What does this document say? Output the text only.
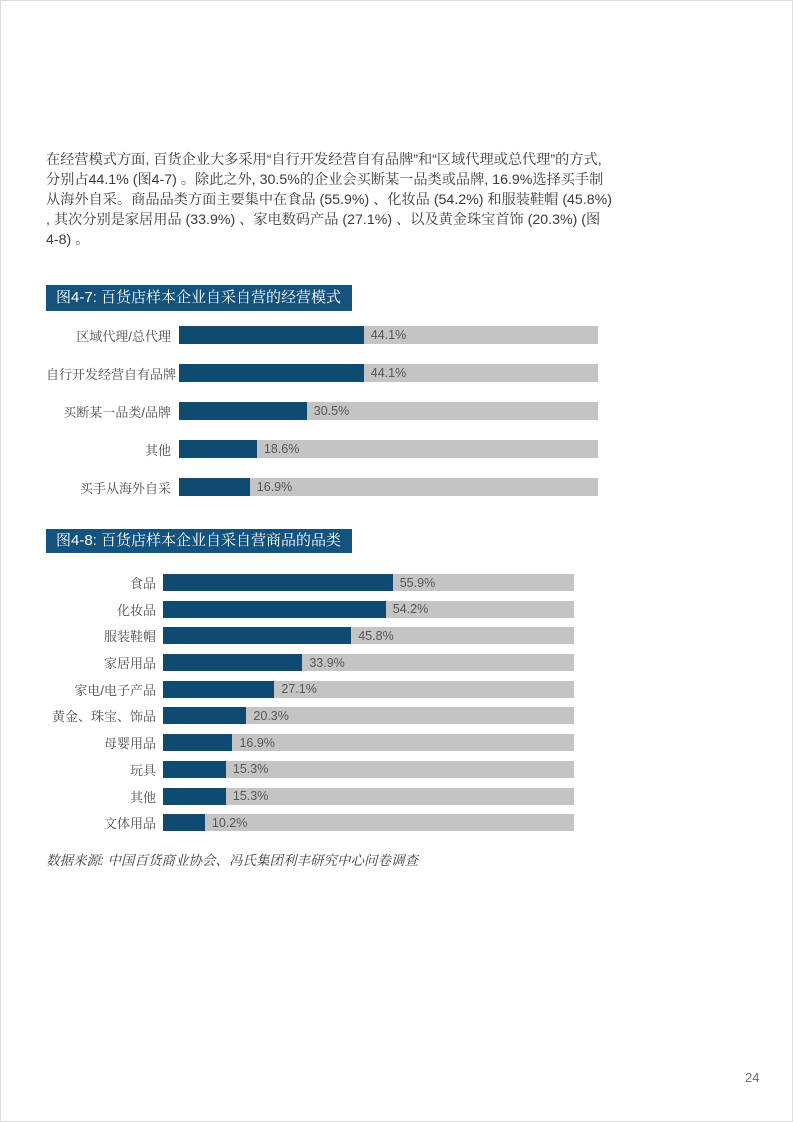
在经营模式方面, 百货企业大多采用“自行开发经营自有品牌”和“区域代理或总代理”的方式, 分别占44.1% (图4-7) 。除此之外, 30.5%的企业会买断某一品类或品牌, 16.9%选择买手制从海外自采。商品品类方面主要集中在食品 (55.9%) 、化妆品 (54.2%) 和服装鞋帽 (45.8%) , 其次分别是家居用品 (33.9%) 、家电数码产品 (27.1%) 、以及黄金珠宝首饰 (20.3%) (图4-8) 。

图4-7: 百货店样本企业自采自营的经营模式
区域代理/总代理	44.1%
自行开发经营自有品牌	44.1%
买断某一品类/品牌	30.5%
其他	18.6%
买手从海外自采	16.9%
图4-8: 百货店样本企业自采自营商品的品类
食品	55.9%
化妆品	54.2%
服装鞋帽	45.8%
家居用品	33.9%
家电/电子产品	27.1%
黄金、珠宝、饰品	20.3%
母婴用品	16.9%
玩具	15.3%
其他	15.3%
文体用品	10.2%

数据来源: 中国百货商业协会、冯氏集团利丰研究中心问卷调查

24
